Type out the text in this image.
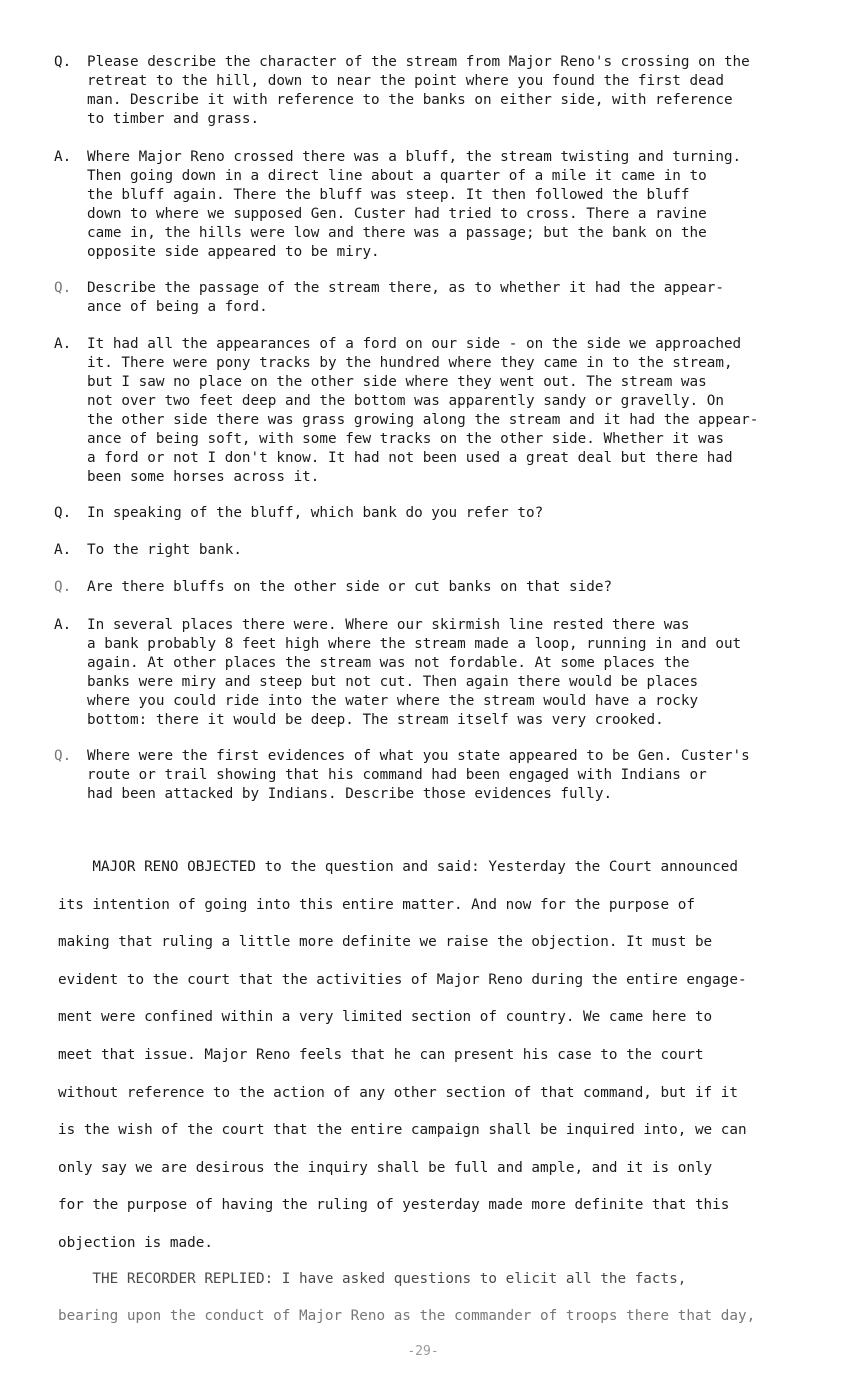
Q.	Please describe the character of the stream from Major Reno's crossing on the
retreat to the hill, down to near the point where you found the first dead
man. Describe it with reference to the banks on either side, with reference
to timber and grass.
A.	Where Major Reno crossed there was a bluff, the stream twisting and turning.
Then going down in a direct line about a quarter of a mile it came in to
the bluff again. There the bluff was steep. It then followed the bluff
down to where we supposed Gen. Custer had tried to cross. There a ravine
came in, the hills were low and there was a passage; but the bank on the
opposite side appeared to be miry.
Q.	Describe the passage of the stream there, as to whether it had the appear-
ance of being a ford.
A.	It had all the appearances of a ford on our side - on the side we approached
it. There were pony tracks by the hundred where they came in to the stream,
but I saw no place on the other side where they went out. The stream was
not over two feet deep and the bottom was apparently sandy or gravelly. On
the other side there was grass growing along the stream and it had the appear-
ance of being soft, with some few tracks on the other side. Whether it was
a ford or not I don't know. It had not been used a great deal but there had
been some horses across it.
Q.	In speaking of the bluff, which bank do you refer to?
A.	To the right bank.
Q.	Are there bluffs on the other side or cut banks on that side?
A.	In several places there were. Where our skirmish line rested there was
a bank probably 8 feet high where the stream made a loop, running in and out
again. At other places the stream was not fordable. At some places the
banks were miry and steep but not cut. Then again there would be places
where you could ride into the water where the stream would have a rocky
bottom: there it would be deep. The stream itself was very crooked.
Q.	Where were the first evidences of what you state appeared to be Gen. Custer's
route or trail showing that his command had been engaged with Indians or
had been attacked by Indians. Describe those evidences fully.
MAJOR RENO OBJECTED to the question and said: Yesterday the Court announced
its intention of going into this entire matter. And now for the purpose of
making that ruling a little more definite we raise the objection. It must be
evident to the court that the activities of Major Reno during the entire engage-
ment were confined within a very limited section of country. We came here to
meet that issue. Major Reno feels that he can present his case to the court
without reference to the action of any other section of that command, but if it
is the wish of the court that the entire campaign shall be inquired into, we can
only say we are desirous the inquiry shall be full and ample, and it is only
for the purpose of having the ruling of yesterday made more definite that this
objection is made.
THE RECORDER REPLIED: I have asked questions to elicit all the facts,
bearing upon the conduct of Major Reno as the commander of troops there that day,
-29-
